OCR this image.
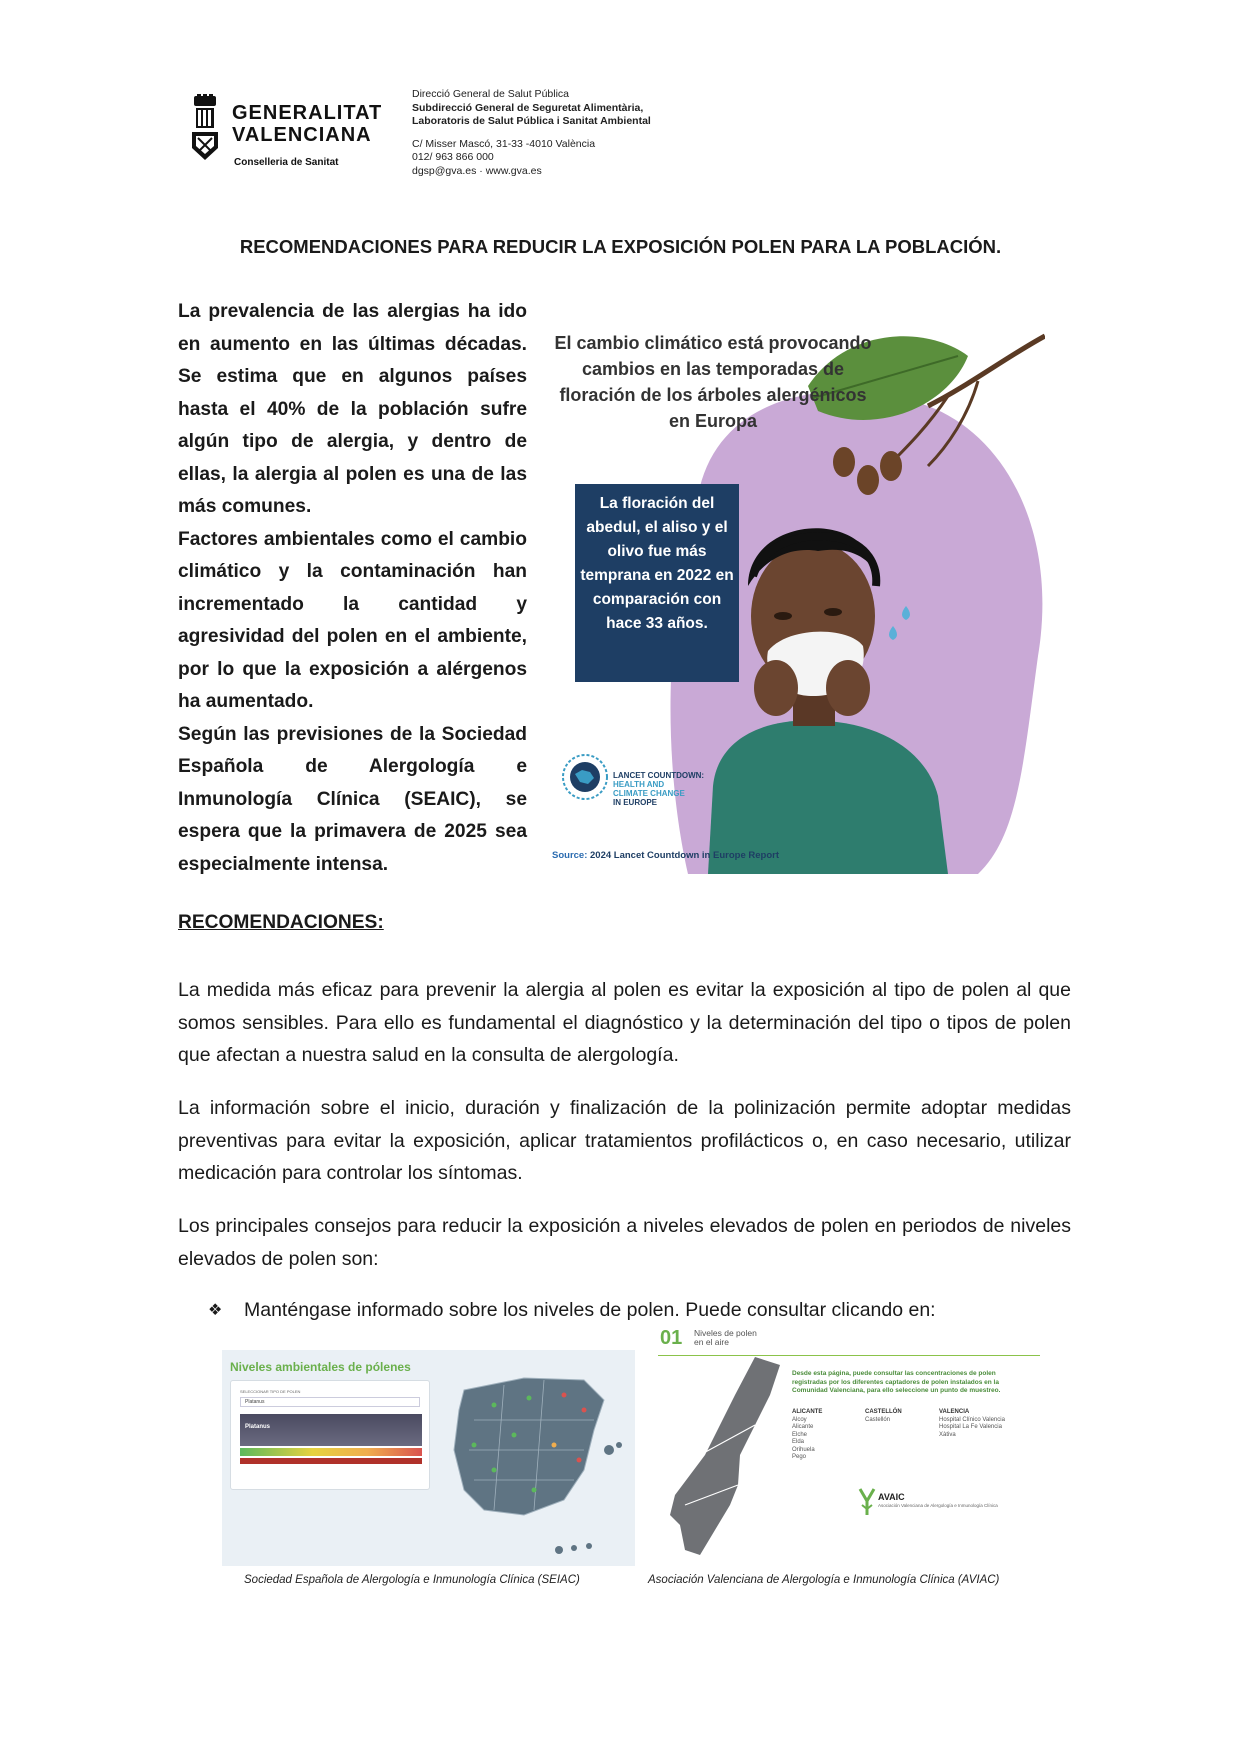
GENERALITAT
VALENCIANA
Conselleria de Sanitat
Direcció General de Salut Pública
Subdirecció General de Seguretat Alimentària,
Laboratoris de Salut Pública i Sanitat Ambiental
C/ Misser Mascó, 31-33 -4010 València
012/ 963 866 000
dgsp@gva.es · www.gva.es
RECOMENDACIONES PARA REDUCIR LA EXPOSICIÓN POLEN PARA LA POBLACIÓN.

La prevalencia de las alergias ha ido en aumento en las últimas décadas. Se estima que en algunos países hasta el 40% de la población sufre algún tipo de alergia, y dentro de ellas, la alergia al polen es una de las más comunes.

Factores ambientales como el cambio climático y la contaminación han incrementado la cantidad y agresividad del polen en el ambiente, por lo que la exposición a alérgenos ha aumentado.

Según las previsiones de la Sociedad Española de Alergología e Inmunología Clínica (SEAIC), se espera que la primavera de 2025 sea especialmente intensa.

El cambio climático está provocando cambios en las temporadas de floración de los árboles alergénicos en Europa
La floración del abedul, el aliso y el olivo fue más temprana en 2022 en comparación con hace 33 años.
LANCET COUNTDOWN:
HEALTH AND
CLIMATE CHANGE
IN EUROPE
Source: 2024 Lancet Countdown in Europe Report
RECOMENDACIONES:

La medida más eficaz para prevenir la alergia al polen es evitar la exposición al tipo de polen al que somos sensibles. Para ello es fundamental el diagnóstico y la determinación del tipo o tipos de polen que afectan a nuestra salud en la consulta de alergología.

La información sobre el inicio, duración y finalización de la polinización permite adoptar medidas preventivas para evitar la exposición, aplicar tratamientos profilácticos o, en caso necesario, utilizar medicación para controlar los síntomas.

Los principales consejos para reducir la exposición a niveles elevados de polen en periodos de niveles elevados de polen son:

❖ Manténgase informado sobre los niveles de polen. Puede consultar clicando en:
Niveles ambientales de pólenes
SELECCIONAR TIPO DE POLEN
Platanus
Platanus
Sociedad Española de Alergología e Inmunología Clínica (SEIAC)
01 Niveles de polen
en el aire
Desde esta página, puede consultar las concentraciones de polen registradas por los diferentes captadores de polen instalados en la Comunidad Valenciana, para ello seleccione un punto de muestreo.
ALICANTE
Alcoy
Alicante
Elche
Elda
Orihuela
Pego
CASTELLÓN
Castellón
VALENCIA
Hospital Clínico Valencia
Hospital La Fe Valencia
Xàtiva
AVAIC
Asociación Valenciana de Alergología e Inmunología Clínica
Asociación Valenciana de Alergología e Inmunología Clínica (AVIAC)
